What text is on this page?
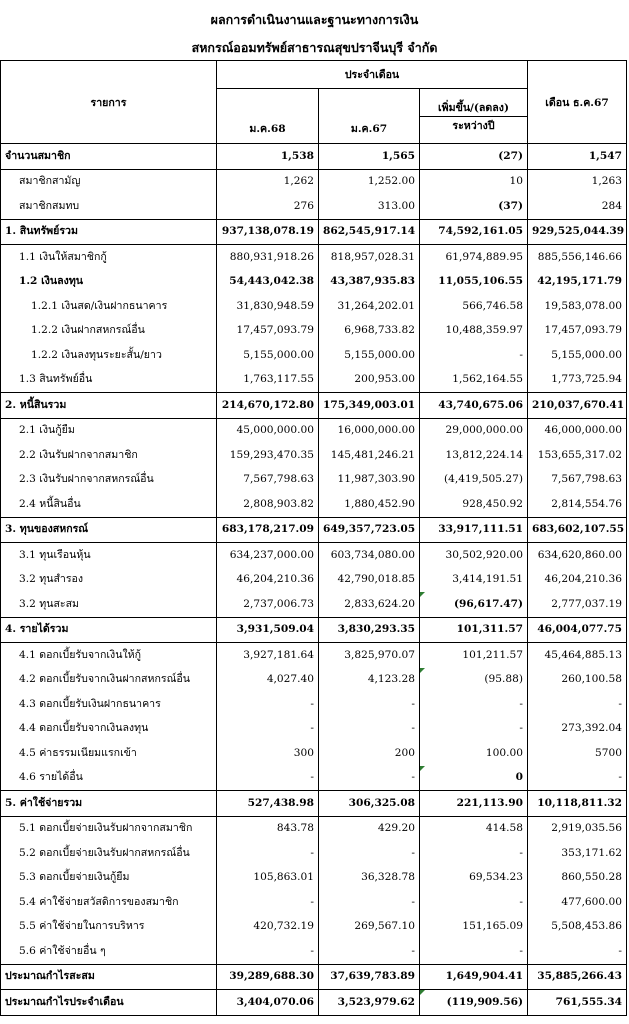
ผลการดำเนินงานและฐานะทางการเงิน
สหกรณ์ออมทรัพย์สาธารณสุขปราจีนบุรี จำกัด
รายการ	ประจำเดือน			เดือน ธ.ค.67
	ม.ค.68	ม.ค.67	เพิ่มขึ้น/(ลดลง)	
			ระหว่างปี	
จำนวนสมาชิก	1,538	1,565	(27)	1,547
สมาชิกสามัญ	1,262	1,252.00	10	1,263
สมาชิกสมทบ	276	313.00	(37)	284
1. สินทรัพย์รวม	937,138,078.19	862,545,917.14	74,592,161.05	929,525,044.39
1.1 เงินให้สมาชิกกู้	880,931,918.26	818,957,028.31	61,974,889.95	885,556,146.66
1.2 เงินลงทุน	54,443,042.38	43,387,935.83	11,055,106.55	42,195,171.79
1.2.1 เงินสด/เงินฝากธนาคาร	31,830,948.59	31,264,202.01	566,746.58	19,583,078.00
1.2.2 เงินฝากสหกรณ์อื่น	17,457,093.79	6,968,733.82	10,488,359.97	17,457,093.79
1.2.2 เงินลงทุนระยะสั้น/ยาว	5,155,000.00	5,155,000.00	-	5,155,000.00
1.3 สินทรัพย์อื่น	1,763,117.55	200,953.00	1,562,164.55	1,773,725.94
2. หนี้สินรวม	214,670,172.80	175,349,003.01	43,740,675.06	210,037,670.41
2.1 เงินกู้ยืม	45,000,000.00	16,000,000.00	29,000,000.00	46,000,000.00
2.2 เงินรับฝากจากสมาชิก	159,293,470.35	145,481,246.21	13,812,224.14	153,655,317.02
2.3 เงินรับฝากจากสหกรณ์อื่น	7,567,798.63	11,987,303.90	(4,419,505.27)	7,567,798.63
2.4 หนี้สินอื่น	2,808,903.82	1,880,452.90	928,450.92	2,814,554.76
3. ทุนของสหกรณ์	683,178,217.09	649,357,723.05	33,917,111.51	683,602,107.55
3.1 ทุนเรือนหุ้น	634,237,000.00	603,734,080.00	30,502,920.00	634,620,860.00
3.2 ทุนสำรอง	46,204,210.36	42,790,018.85	3,414,191.51	46,204,210.36
3.2 ทุนสะสม	2,737,006.73	2,833,624.20	(96,617.47)	2,777,037.19
4. รายได้รวม	3,931,509.04	3,830,293.35	101,311.57	46,004,077.75
4.1 ดอกเบี้ยรับจากเงินให้กู้	3,927,181.64	3,825,970.07	101,211.57	45,464,885.13
4.2 ดอกเบี้ยรับจากเงินฝากสหกรณ์อื่น	4,027.40	4,123.28	(95.88)	260,100.58
4.3 ดอกเบี้ยรับเงินฝากธนาคาร	-	-	-	-
4.4 ดอกเบี้ยรับจากเงินลงทุน	-	-	-	273,392.04
4.5 ค่าธรรมเนียมแรกเข้า	300	200	100.00	5700
4.6 รายได้อื่น	-	-	0	-
5. ค่าใช้จ่ายรวม	527,438.98	306,325.08	221,113.90	10,118,811.32
5.1 ดอกเบี้ยจ่ายเงินรับฝากจากสมาชิก	843.78	429.20	414.58	2,919,035.56
5.2 ดอกเบี้ยจ่ายเงินรับฝากสหกรณ์อื่น	-	-	-	353,171.62
5.3 ดอกเบี้ยจ่ายเงินกู้ยืม	105,863.01	36,328.78	69,534.23	860,550.28
5.4 ค่าใช้จ่ายสวัสดิการของสมาชิก	-	-	-	477,600.00
5.5 ค่าใช้จ่ายในการบริหาร	420,732.19	269,567.10	151,165.09	5,508,453.86
5.6 ค่าใช้จ่ายอื่น ๆ	-	-	-	-
ประมาณกำไรสะสม	39,289,688.30	37,639,783.89	1,649,904.41	35,885,266.43
ประมาณกำไรประจำเดือน	3,404,070.06	3,523,979.62	(119,909.56)	761,555.34
